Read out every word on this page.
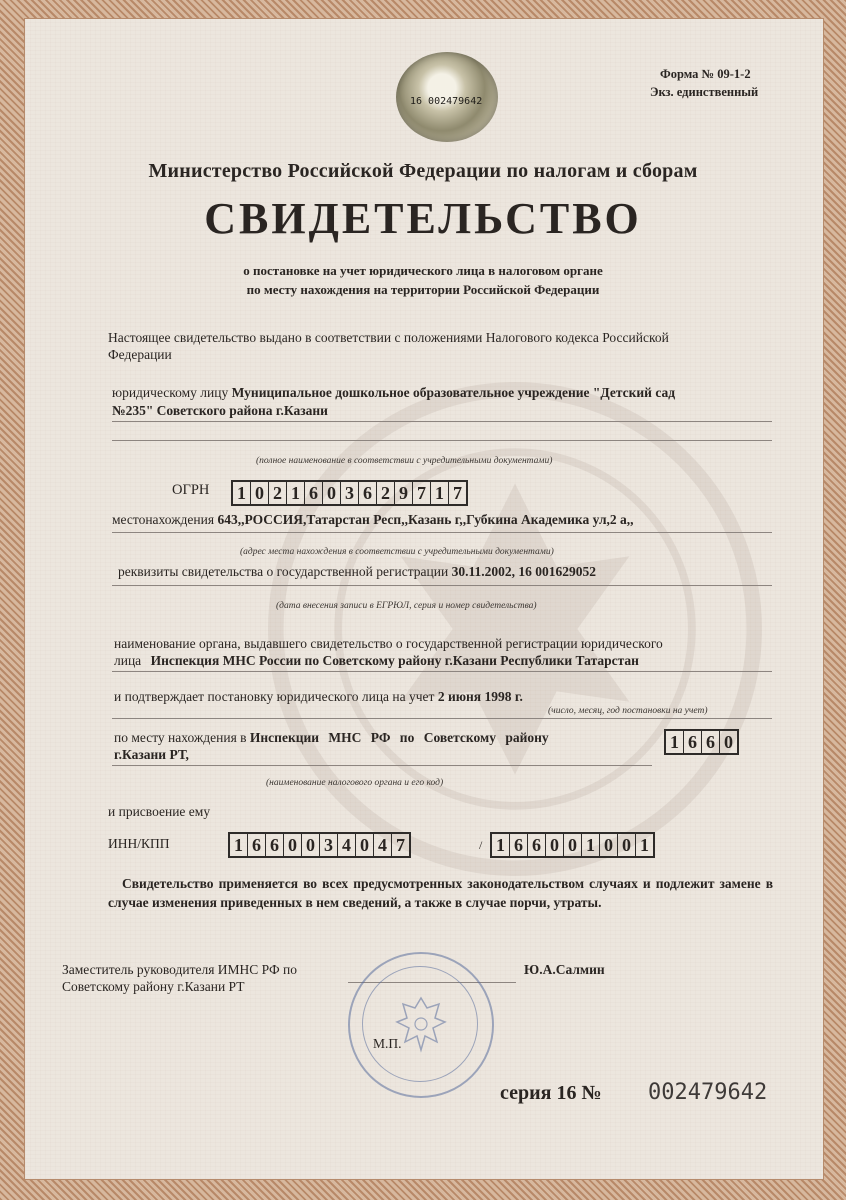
16 002479642
Форма № 09-1-2
Экз. единственный
Министерство Российской Федерации по налогам и сборам
СВИДЕТЕЛЬСТВО
о постановке на учет юридического лица в налоговом органе
по месту нахождения на территории Российской Федерации
Настоящее свидетельство выдано в соответствии с положениями Налогового кодекса Российской
Федерации
юридическому лицу Муниципальное дошкольное образовательное учреждение "Детский сад
№235" Советского района г.Казани
(полное наименование в соответствии с учредительными документами)
ОГРН 1 0 2 1 6 0 3 6 2 9 7 1 7
местонахождения 643,,РОССИЯ,Татарстан Респ,,Казань г,,Губкина Академика ул,2 а,,
(адрес места нахождения в соответствии с учредительными документами)
реквизиты свидетельства о государственной регистрации 30.11.2002, 16 001629052
(дата внесения записи в ЕГРЮЛ, серия и номер свидетельства)
наименование органа, выдавшего свидетельство о государственной регистрации юридического
лица Инспекция МНС России по Советскому району г.Казани Республики Татарстан
и подтверждает постановку юридического лица на учет 2 июня 1998 г.
(число, месяц, год постановки на учет)
по месту нахождения в Инспекции МНС РФ по Советскому району
г.Казани РТ,
1 6 6 0
(наименование налогового органа и его код)
и присвоение ему
ИНН/КПП	1 6 6 0 0 3 4 0 4 7	/ 1 6 6 0 0 1 0 0 1
Свидетельство применяется во всех предусмотренных законодательством случаях и подлежит замене в случае изменения приведенных в нем сведений, а также в случае порчи, утраты.
Заместитель руководителя ИМНС РФ по
Советскому району г.Казани РТ
Ю.А.Салмин
М.П.
серия 16 № 002479642
